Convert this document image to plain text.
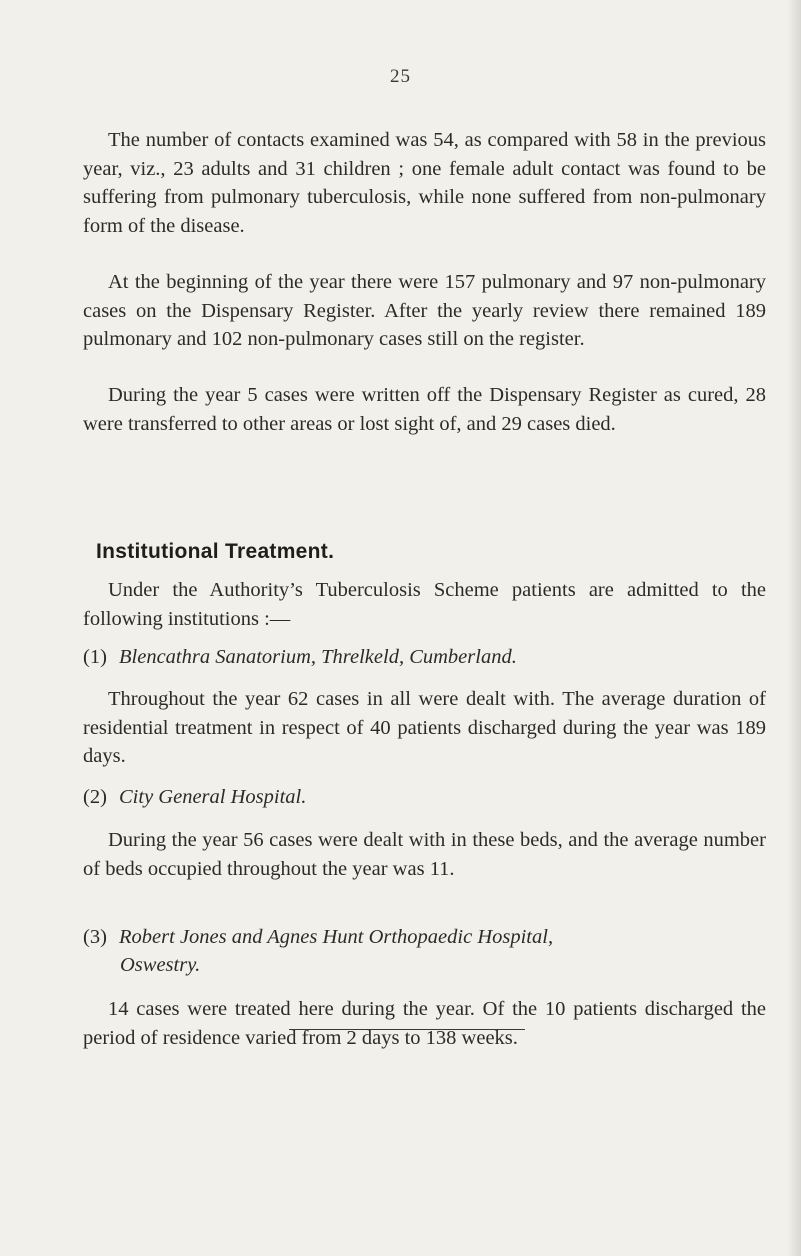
25

The number of contacts examined was 54, as compared with 58 in the previous year, viz., 23 adults and 31 children ; one female adult contact was found to be suffering from pulmonary tuberculosis, while none suffered from non-pulmonary form of the disease.

At the beginning of the year there were 157 pulmonary and 97 non-pulmonary cases on the Dispensary Register. After the yearly review there remained 189 pulmonary and 102 non-pulmonary cases still on the register.

During the year 5 cases were written off the Dispensary Register as cured, 28 were transferred to other areas or lost sight of, and 29 cases died.

Institutional Treatment.

Under the Authority’s Tuberculosis Scheme patients are admitted to the following institutions :—

(1) Blencathra Sanatorium, Threlkeld, Cumberland.

Throughout the year 62 cases in all were dealt with. The average duration of residential treatment in respect of 40 patients discharged during the year was 189 days.

(2) City General Hospital.

During the year 56 cases were dealt with in these beds, and the average number of beds occupied throughout the year was 11.

(3) Robert Jones and Agnes Hunt Orthopaedic Hospital,
Oswestry.

14 cases were treated here during the year. Of the 10 patients discharged the period of residence varied from 2 days to 138 weeks.
